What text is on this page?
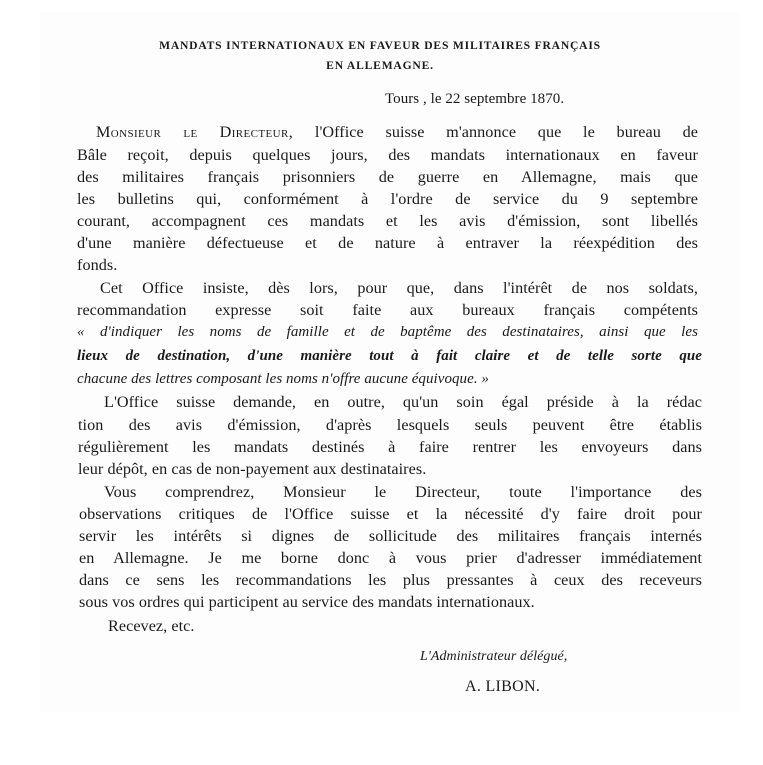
MANDATS INTERNATIONAUX EN FAVEUR DES MILITAIRES FRANÇAIS
EN ALLEMAGNE.
Tours , le 22 septembre 1870.
Monsieur le Directeur, l'Office suisse m'annonce que le bureau de
Bâle reçoit, depuis quelques jours, des mandats internationaux en faveur
des militaires français prisonniers de guerre en Allemagne, mais que
les bulletins qui, conformément à l'ordre de service du 9 septembre
courant, accompagnent ces mandats et les avis d'émission, sont libellés
d'une manière défectueuse et de nature à entraver la réexpédition des
fonds.
Cet Office insiste, dès lors, pour que, dans l'intérêt de nos soldats,
recommandation expresse soit faite aux bureaux français compétents
« d'indiquer les noms de famille et de baptême des destinataires, ainsi que les
lieux de destination, d'une manière tout à fait claire et de telle sorte que
chacune des lettres composant les noms n'offre aucune équivoque. »
L'Office suisse demande, en outre, qu'un soin égal préside à la rédac
tion des avis d'émission, d'après lesquels seuls peuvent être établis
régulièrement les mandats destinés à faire rentrer les envoyeurs dans
leur dépôt, en cas de non-payement aux destinataires.
Vous comprendrez, Monsieur le Directeur, toute l'importance des
observations critiques de l'Office suisse et la nécessité d'y faire droit pour
servir les intérêts si dignes de sollicitude des militaires français internés
en Allemagne. Je me borne donc à vous prier d'adresser immédiatement
dans ce sens les recommandations les plus pressantes à ceux des receveurs
sous vos ordres qui participent au service des mandats internationaux.
Recevez, etc.
L'Administrateur délégué,
A. LIBON.
